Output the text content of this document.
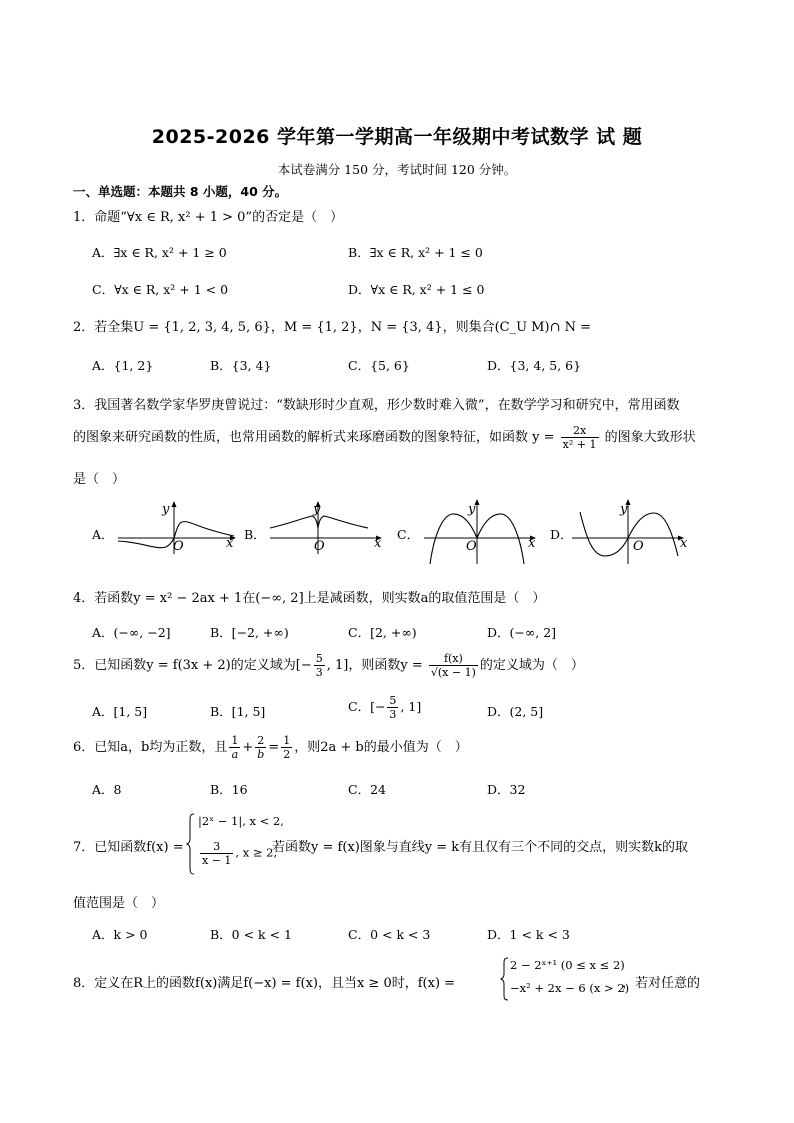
2025-2026 学年第一学期高一年级期中考试数学 试 题
本试卷满分 150 分，考试时间 120 分钟。
一、单选题：本题共 8 小题，40 分。
1．命题“∀x ∈ R, x² + 1 > 0”的否定是（　）
A．∃x ∈ R, x² + 1 ≥ 0	B．∃x ∈ R, x² + 1 ≤ 0
C．∀x ∈ R, x² + 1 < 0	D．∀x ∈ R, x² + 1 ≤ 0
2．若全集U = {1, 2, 3, 4, 5, 6}，M = {1, 2}，N = {3, 4}，则集合(C_U M)∩ N =
A．{1, 2}	B．{3, 4}	C．{5, 6}	D．{3, 4, 5, 6}
3．我国著名数学家华罗庚曾说过：“数缺形时少直观，形少数时难入微”，在数学学习和研究中，常用函数
的图象来研究函数的性质，也常用函数的解析式来琢磨函数的图象特征，如函数 $y = \frac{2x}{\text{x² + 1}}$ 的图象大致形状
是（　）
A．	B．	C．	D．
y
O	x
y
O	x
y
O	x
y
O	x
4．若函数y = x² − 2ax + 1在(−∞, 2]上是减函数，则实数a的取值范围是（　）
A．(−∞, −2]	B．[−2, +∞)	C．[2, +∞)	D．(−∞, 2]
5．已知函数y = f(3x + 2)的定义域为[− $\frac{5}{3}$ , 1]，则函数$y = \frac{f(x)}{√(x - 1)}$ 的定义域为（　）
A．[1, 5]	B．[1, 5]	C．[− $\frac{5}{3}$ , 1]	D．(2, 5]
6．已知a，b均为正数，且 $\frac{1}{a} + \frac{2}{b} = \frac{1}{2}$ ，则2a + b的最小值为（　）
A．8	B．16	C．24	D．32
7．已知函数f(x) =
|2ˣ − 1|, x < 2,
$\frac{3}{x - 1}$ , x ≥ 2,
若函数y = f(x)图象与直线y = k有且仅有三个不同的交点，则实数k的取
值范围是（　）
A．k > 0	B．0 < k < 1	C．0 < k < 3	D．1 < k < 3
8．定义在R上的函数f(x)满足f(−x) = f(x)，且当x ≥ 0时，f(x) =
2 − 2ˣ⁺¹ (0 ≤ x ≤ 2)
−x² + 2x − 6 (x > 2)
，若对任意的
